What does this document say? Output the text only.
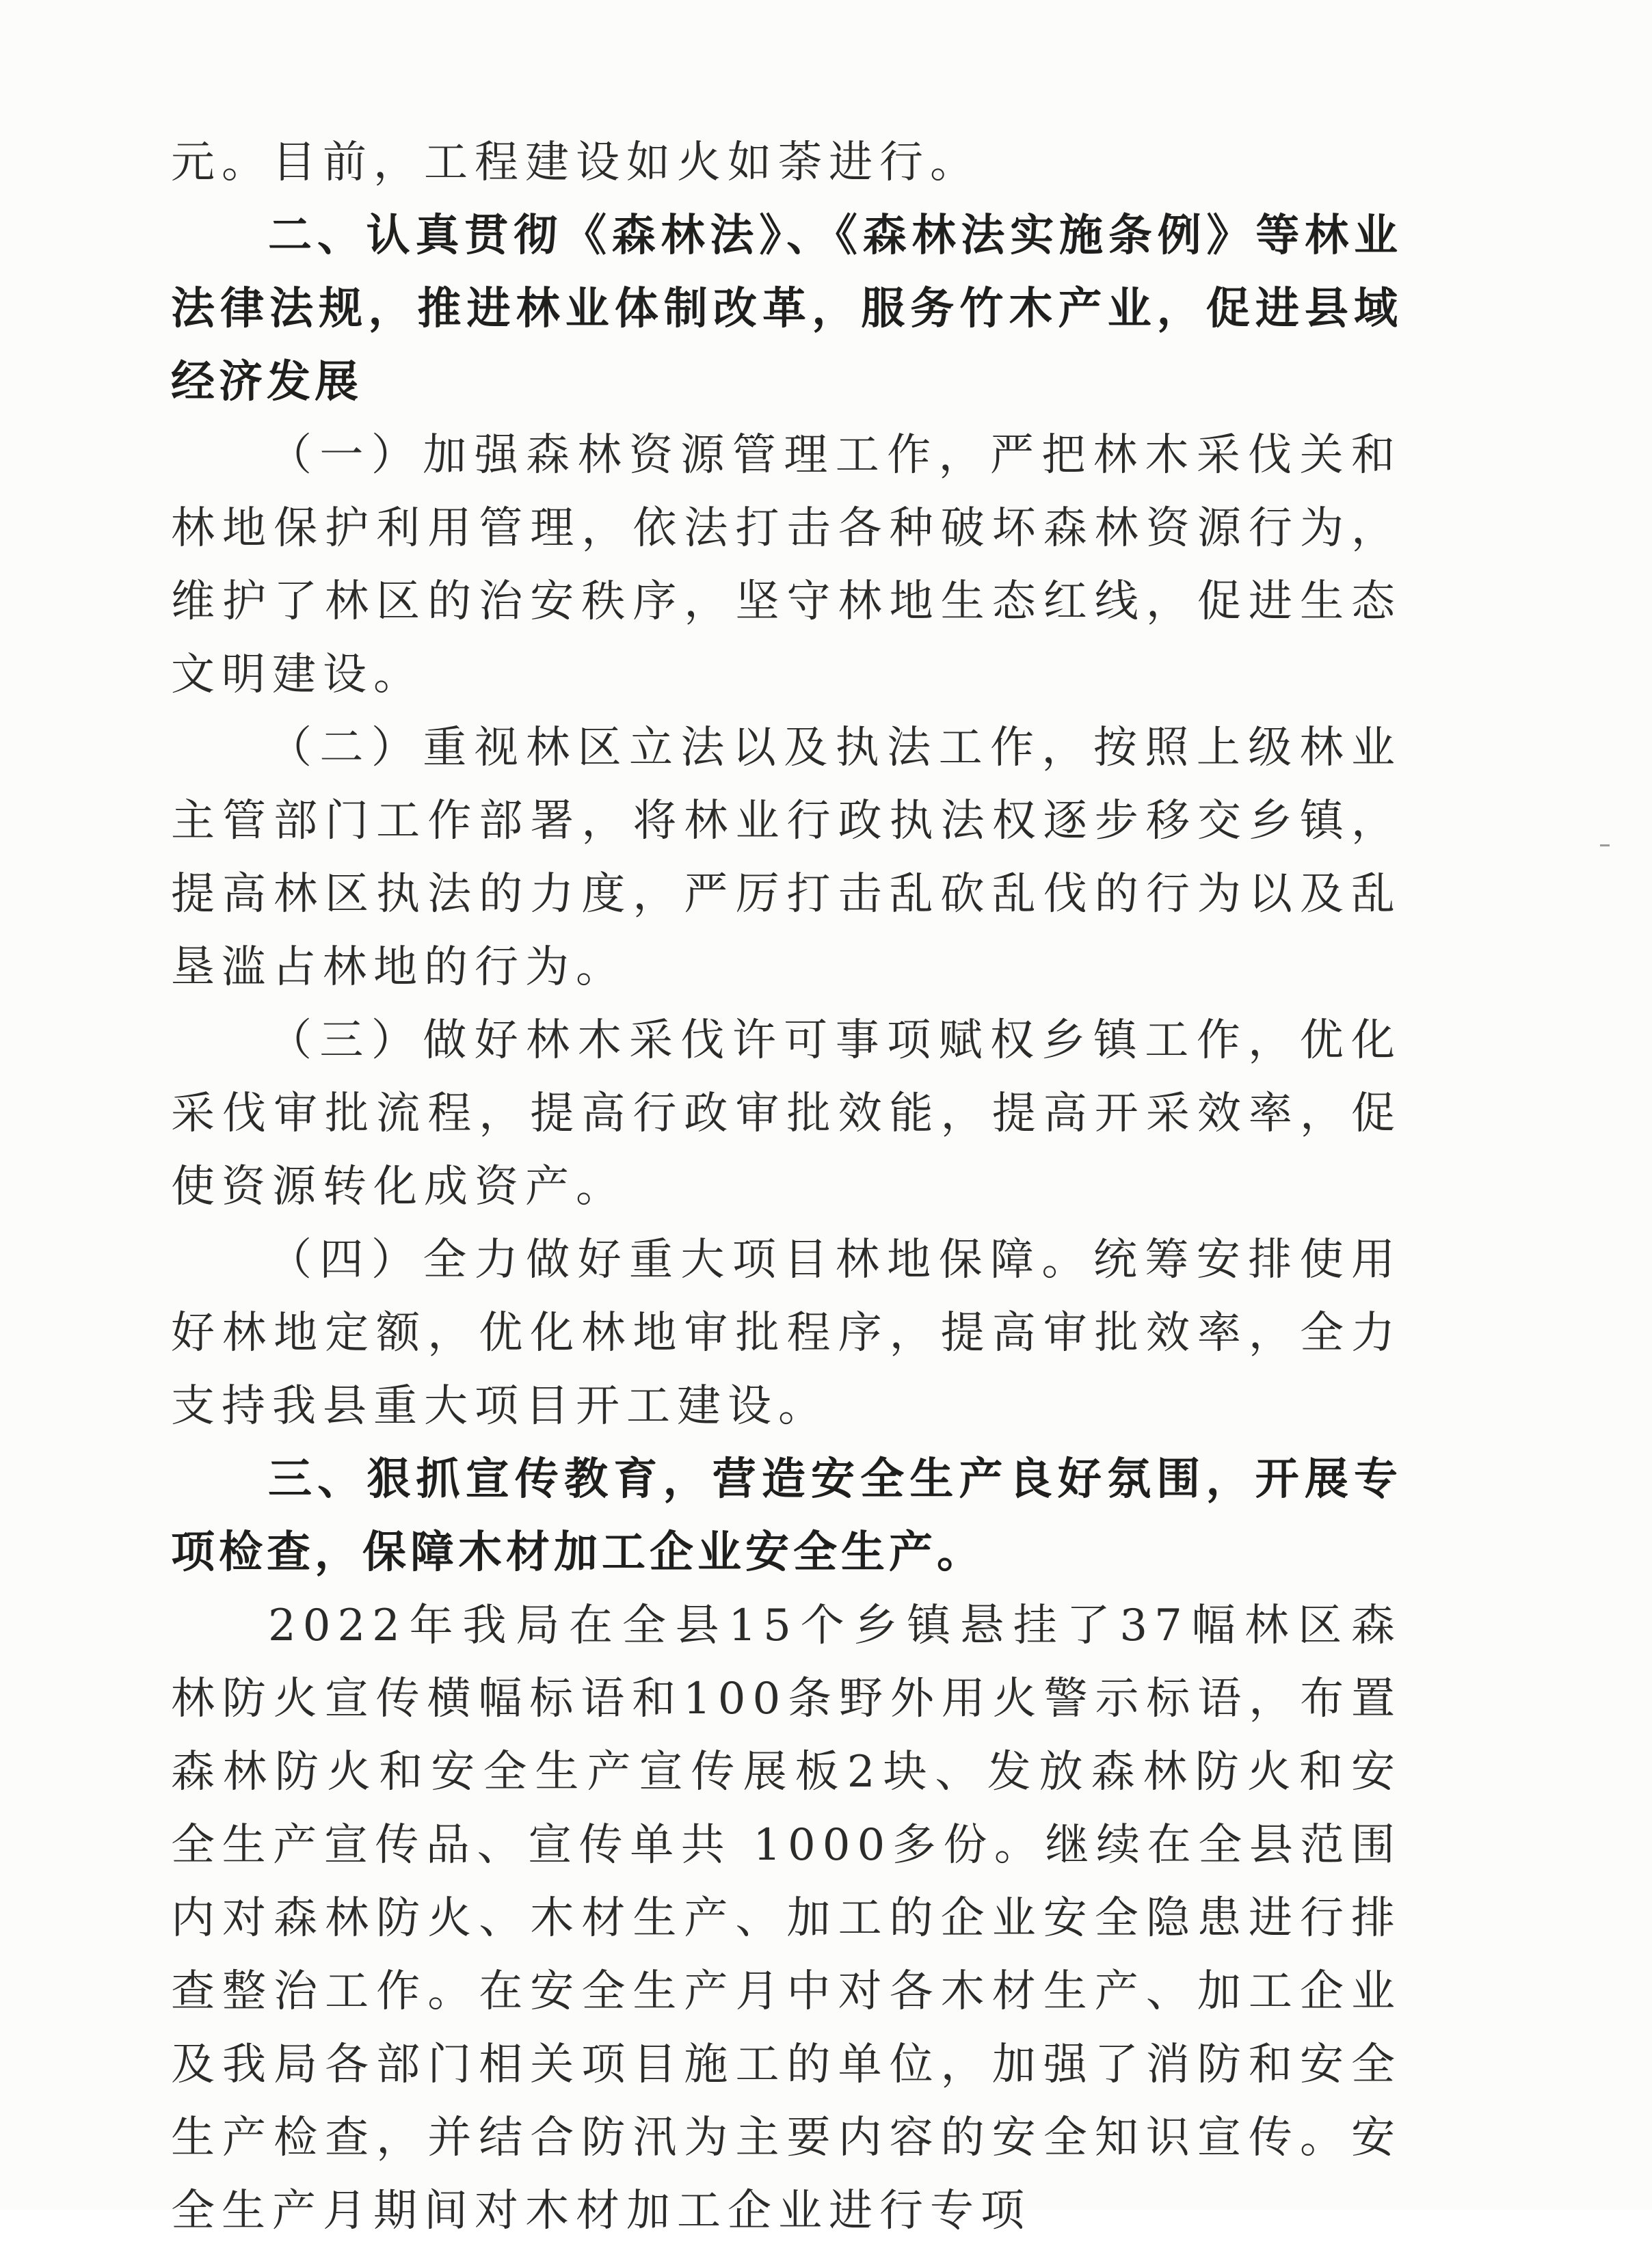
元。目前，工程建设如火如荼进行。

二、认真贯彻《森林法》、《森林法实施条例》等林业法律法规，推进林业体制改革，服务竹木产业，促进县域经济发展

（一）加强森林资源管理工作，严把林木采伐关和林地保护利用管理，依法打击各种破坏森林资源行为，维护了林区的治安秩序，坚守林地生态红线，促进生态文明建设。

（二）重视林区立法以及执法工作，按照上级林业主管部门工作部署，将林业行政执法权逐步移交乡镇，提高林区执法的力度，严厉打击乱砍乱伐的行为以及乱垦滥占林地的行为。

（三）做好林木采伐许可事项赋权乡镇工作，优化采伐审批流程，提高行政审批效能，提高开采效率，促使资源转化成资产。

（四）全力做好重大项目林地保障。统筹安排使用好林地定额，优化林地审批程序，提高审批效率，全力支持我县重大项目开工建设。

三、狠抓宣传教育，营造安全生产良好氛围，开展专项检查，保障木材加工企业安全生产。

2022年我局在全县15个乡镇悬挂了37幅林区森林防火宣传横幅标语和100条野外用火警示标语，布置森林防火和安全生产宣传展板2块、发放森林防火和安全生产宣传品、宣传单共 1000多份。继续在全县范围内对森林防火、木材生产、加工的企业安全隐患进行排查整治工作。在安全生产月中对各木材生产、加工企业及我局各部门相关项目施工的单位，加强了消防和安全生产检查，并结合防汛为主要内容的安全知识宣传。安全生产月期间对木材加工企业进行专项
